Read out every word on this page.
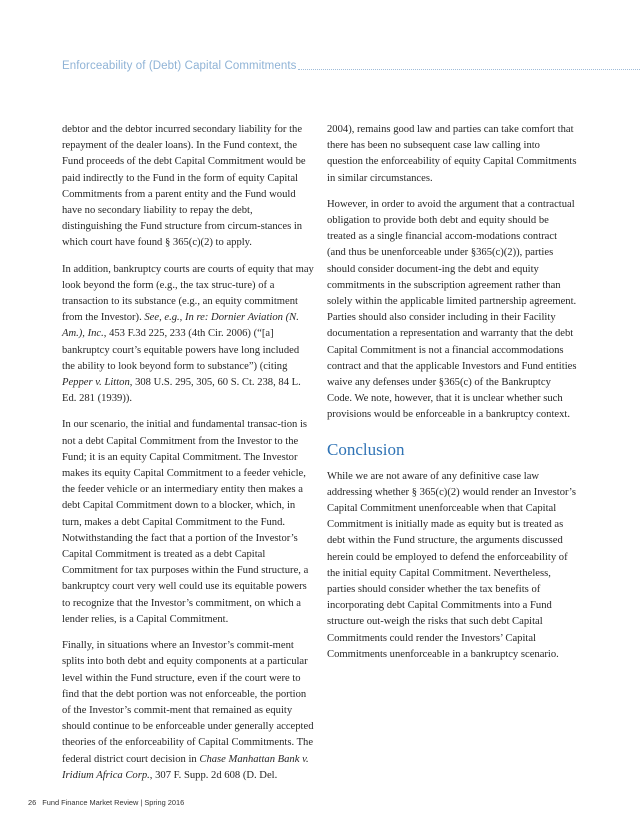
Enforceability of (Debt) Capital Commitments

debtor and the debtor incurred secondary liability for the repayment of the dealer loans). In the Fund context, the Fund proceeds of the debt Capital Commitment would be paid indirectly to the Fund in the form of equity Capital Commitments from a parent entity and the Fund would have no secondary liability to repay the debt, distinguishing the Fund structure from circum-stances in which court have found § 365(c)(2) to apply.

In addition, bankruptcy courts are courts of equity that may look beyond the form (e.g., the tax struc-ture) of a transaction to its substance (e.g., an equity commitment from the Investor). See, e.g., In re: Dornier Aviation (N. Am.), Inc., 453 F.3d 225, 233 (4th Cir. 2006) (“[a] bankruptcy court’s equitable powers have long included the ability to look beyond form to substance”) (citing Pepper v. Litton, 308 U.S. 295, 305, 60 S. Ct. 238, 84 L. Ed. 281 (1939)).

In our scenario, the initial and fundamental transac-tion is not a debt Capital Commitment from the Investor to the Fund; it is an equity Capital Commitment. The Investor makes its equity Capital Commitment to a feeder vehicle, the feeder vehicle or an intermediary entity then makes a debt Capital Commitment down to a blocker, which, in turn, makes a debt Capital Commitment to the Fund. Notwithstanding the fact that a portion of the Investor’s Capital Commitment is treated as a debt Capital Commitment for tax purposes within the Fund structure, a bankruptcy court very well could use its equitable powers to recognize that the Investor’s commitment, on which a lender relies, is a Capital Commitment.

Finally, in situations where an Investor’s commit-ment splits into both debt and equity components at a particular level within the Fund structure, even if the court were to find that the debt portion was not enforceable, the portion of the Investor’s commit-ment that remained as equity should continue to be enforceable under generally accepted theories of the enforceability of Capital Commitments. The federal district court decision in Chase Manhattan Bank v. Iridium Africa Corp., 307 F. Supp. 2d 608 (D. Del.

2004), remains good law and parties can take comfort that there has been no subsequent case law calling into question the enforceability of equity Capital Commitments in similar circumstances.

However, in order to avoid the argument that a contractual obligation to provide both debt and equity should be treated as a single financial accom-modations contract (and thus be unenforceable under §365(c)(2)), parties should consider document-ing the debt and equity commitments in the subscription agreement rather than solely within the applicable limited partnership agreement. Parties should also consider including in their Facility documentation a representation and warranty that the debt Capital Commitment is not a financial accommodations contract and that the applicable Investors and Fund entities waive any defenses under §365(c) of the Bankruptcy Code. We note, however, that it is unclear whether such provisions would be enforceable in a bankruptcy context.

Conclusion

While we are not aware of any definitive case law addressing whether § 365(c)(2) would render an Investor’s Capital Commitment unenforceable when that Capital Commitment is initially made as equity but is treated as debt within the Fund structure, the arguments discussed herein could be employed to defend the enforceability of the initial equity Capital Commitment. Nevertheless, parties should consider whether the tax benefits of incorporating debt Capital Commitments into a Fund structure out-weigh the risks that such debt Capital Commitments could render the Investors’ Capital Commitments unenforceable in a bankruptcy scenario.

26 Fund Finance Market Review | Spring 2016
